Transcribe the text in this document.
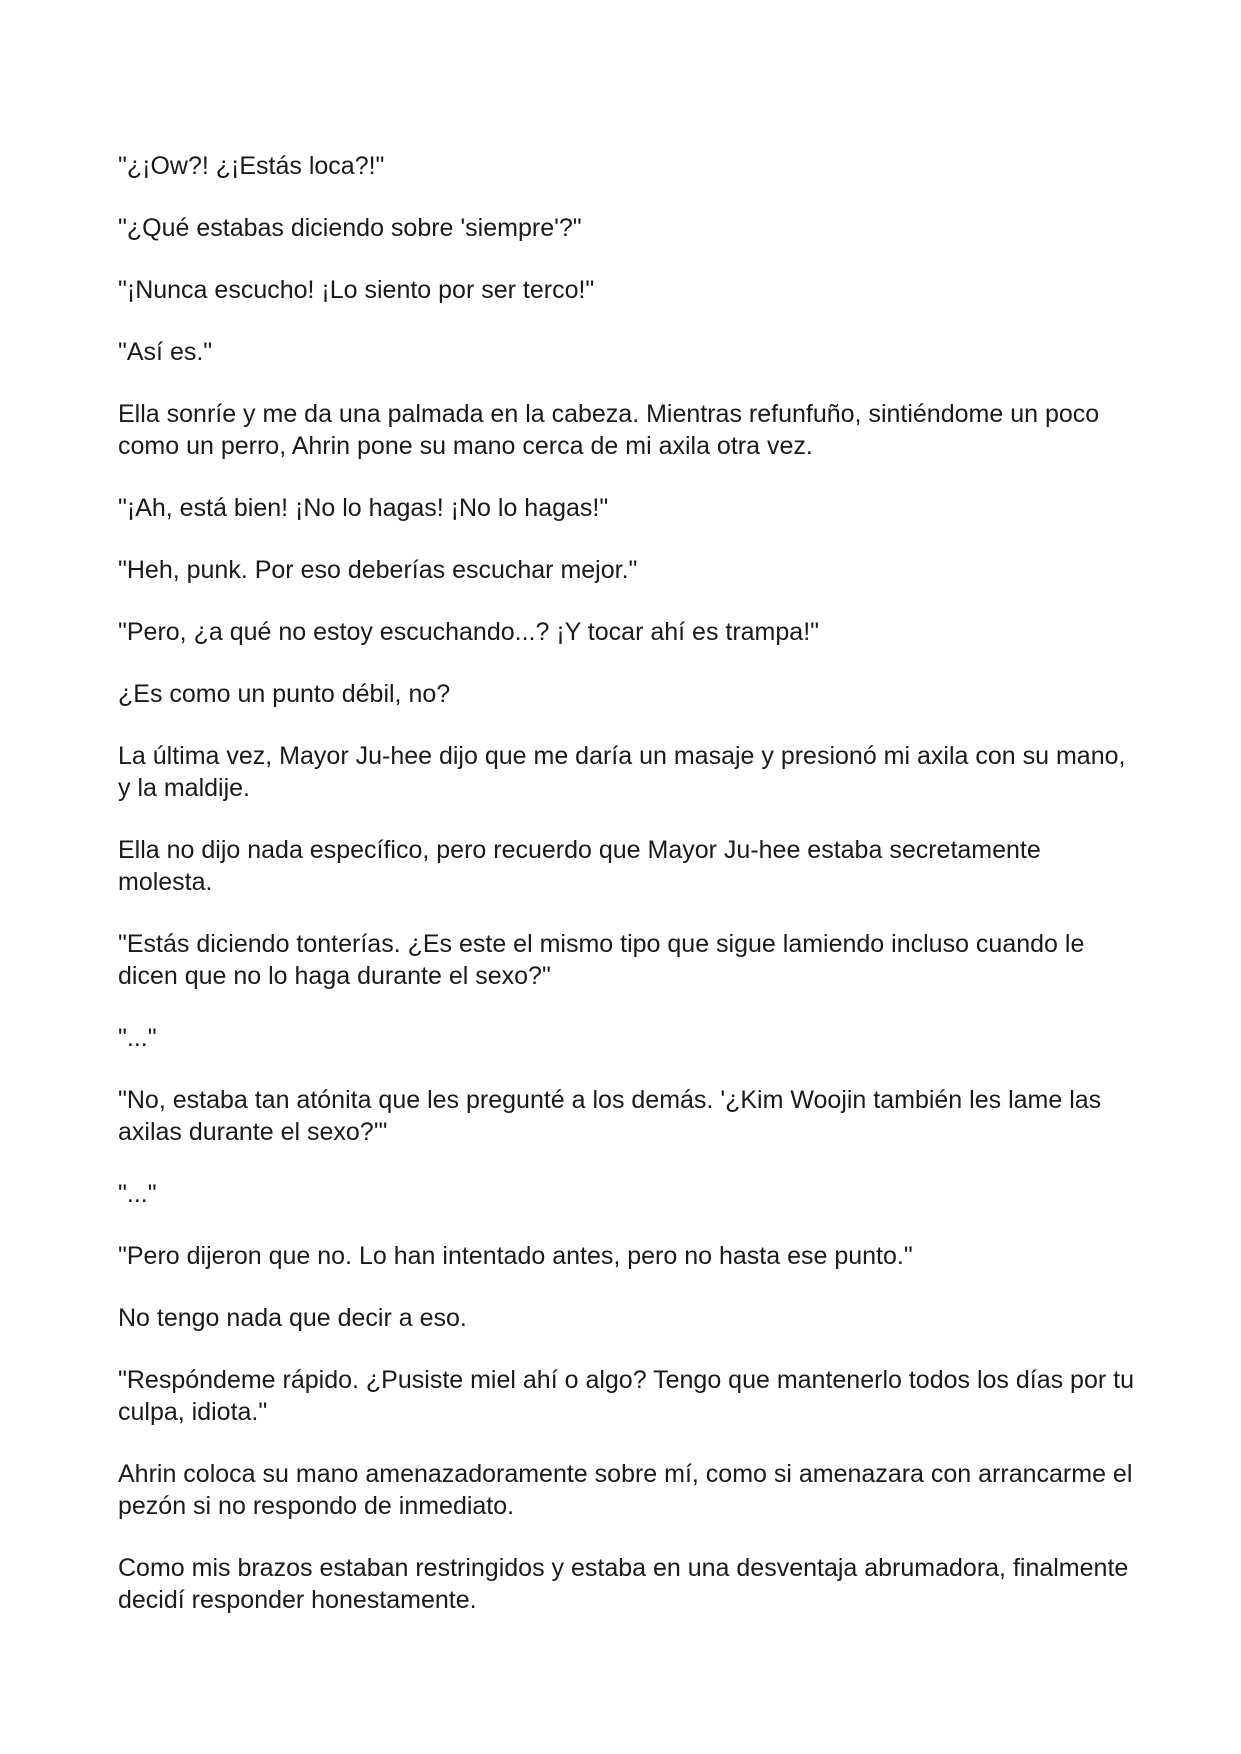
"¿¡Ow?! ¿¡Estás loca?!"

"¿Qué estabas diciendo sobre 'siempre'?"

"¡Nunca escucho! ¡Lo siento por ser terco!"

"Así es."

Ella sonríe y me da una palmada en la cabeza. Mientras refunfuño, sintiéndome un poco como un perro, Ahrin pone su mano cerca de mi axila otra vez.

"¡Ah, está bien! ¡No lo hagas! ¡No lo hagas!"

"Heh, punk. Por eso deberías escuchar mejor."

"Pero, ¿a qué no estoy escuchando...? ¡Y tocar ahí es trampa!"

¿Es como un punto débil, no?

La última vez, Mayor Ju-hee dijo que me daría un masaje y presionó mi axila con su mano, y la maldije.

Ella no dijo nada específico, pero recuerdo que Mayor Ju-hee estaba secretamente molesta.

"Estás diciendo tonterías. ¿Es este el mismo tipo que sigue lamiendo incluso cuando le dicen que no lo haga durante el sexo?"

"..."

"No, estaba tan atónita que les pregunté a los demás. '¿Kim Woojin también les lame las axilas durante el sexo?'"

"..."

"Pero dijeron que no. Lo han intentado antes, pero no hasta ese punto."

No tengo nada que decir a eso.

"Respóndeme rápido. ¿Pusiste miel ahí o algo? Tengo que mantenerlo todos los días por tu culpa, idiota."

Ahrin coloca su mano amenazadoramente sobre mí, como si amenazara con arrancarme el pezón si no respondo de inmediato.

Como mis brazos estaban restringidos y estaba en una desventaja abrumadora, finalmente decidí responder honestamente.
